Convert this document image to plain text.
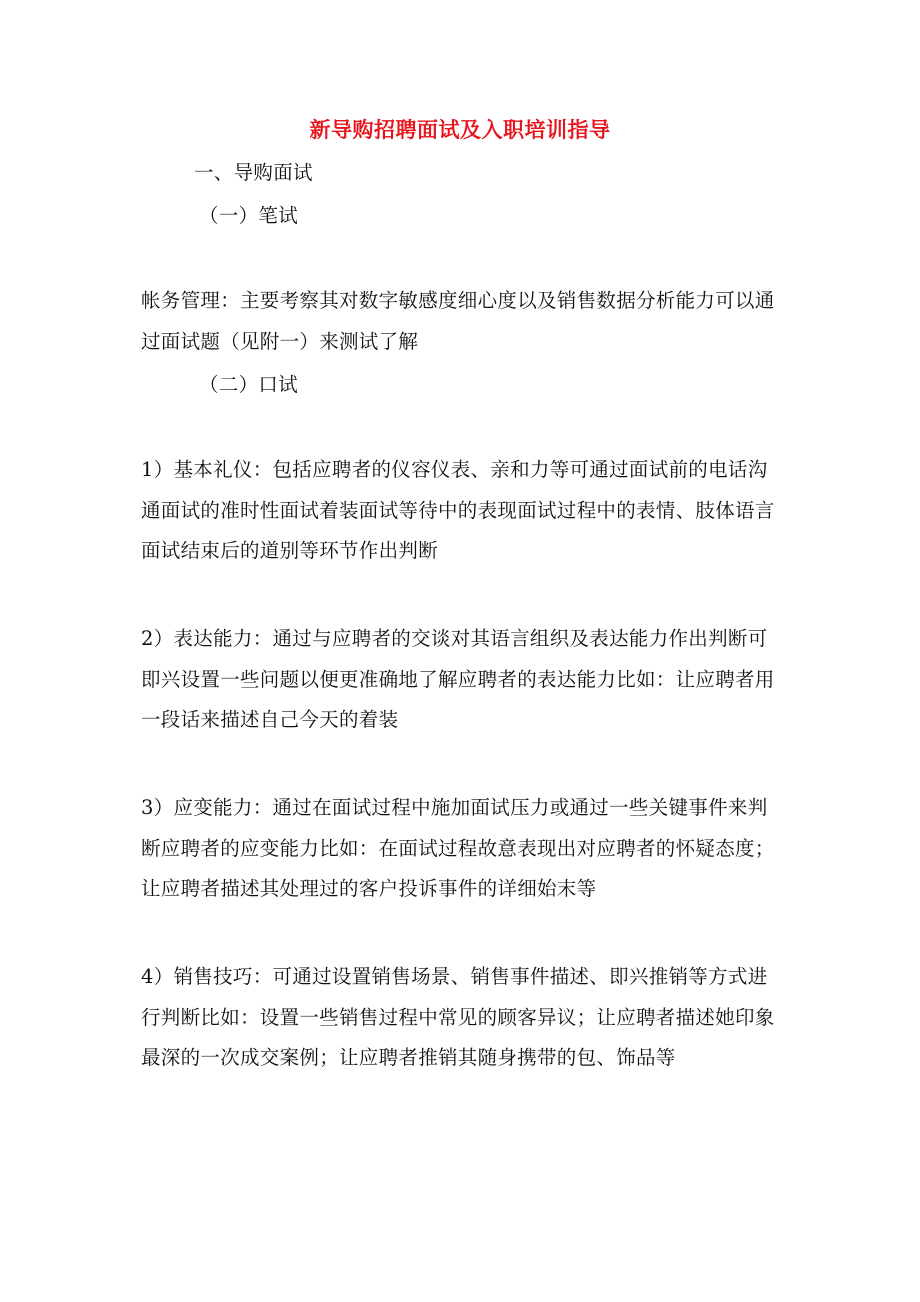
新导购招聘面试及入职培训指导
一、导购面试
（一）笔试
帐务管理：主要考察其对数字敏感度细心度以及销售数据分析能力可以通过面试题（见附一）来测试了解
（二）口试
1）基本礼仪：包括应聘者的仪容仪表、亲和力等可通过面试前的电话沟通面试的准时性面试着装面试等待中的表现面试过程中的表情、肢体语言面试结束后的道别等环节作出判断
2）表达能力：通过与应聘者的交谈对其语言组织及表达能力作出判断可即兴设置一些问题以便更准确地了解应聘者的表达能力比如：让应聘者用一段话来描述自己今天的着装
3）应变能力：通过在面试过程中施加面试压力或通过一些关键事件来判断应聘者的应变能力比如：在面试过程故意表现出对应聘者的怀疑态度；让应聘者描述其处理过的客户投诉事件的详细始末等
4）销售技巧：可通过设置销售场景、销售事件描述、即兴推销等方式进行判断比如：设置一些销售过程中常见的顾客异议；让应聘者描述她印象最深的一次成交案例；让应聘者推销其随身携带的包、饰品等
